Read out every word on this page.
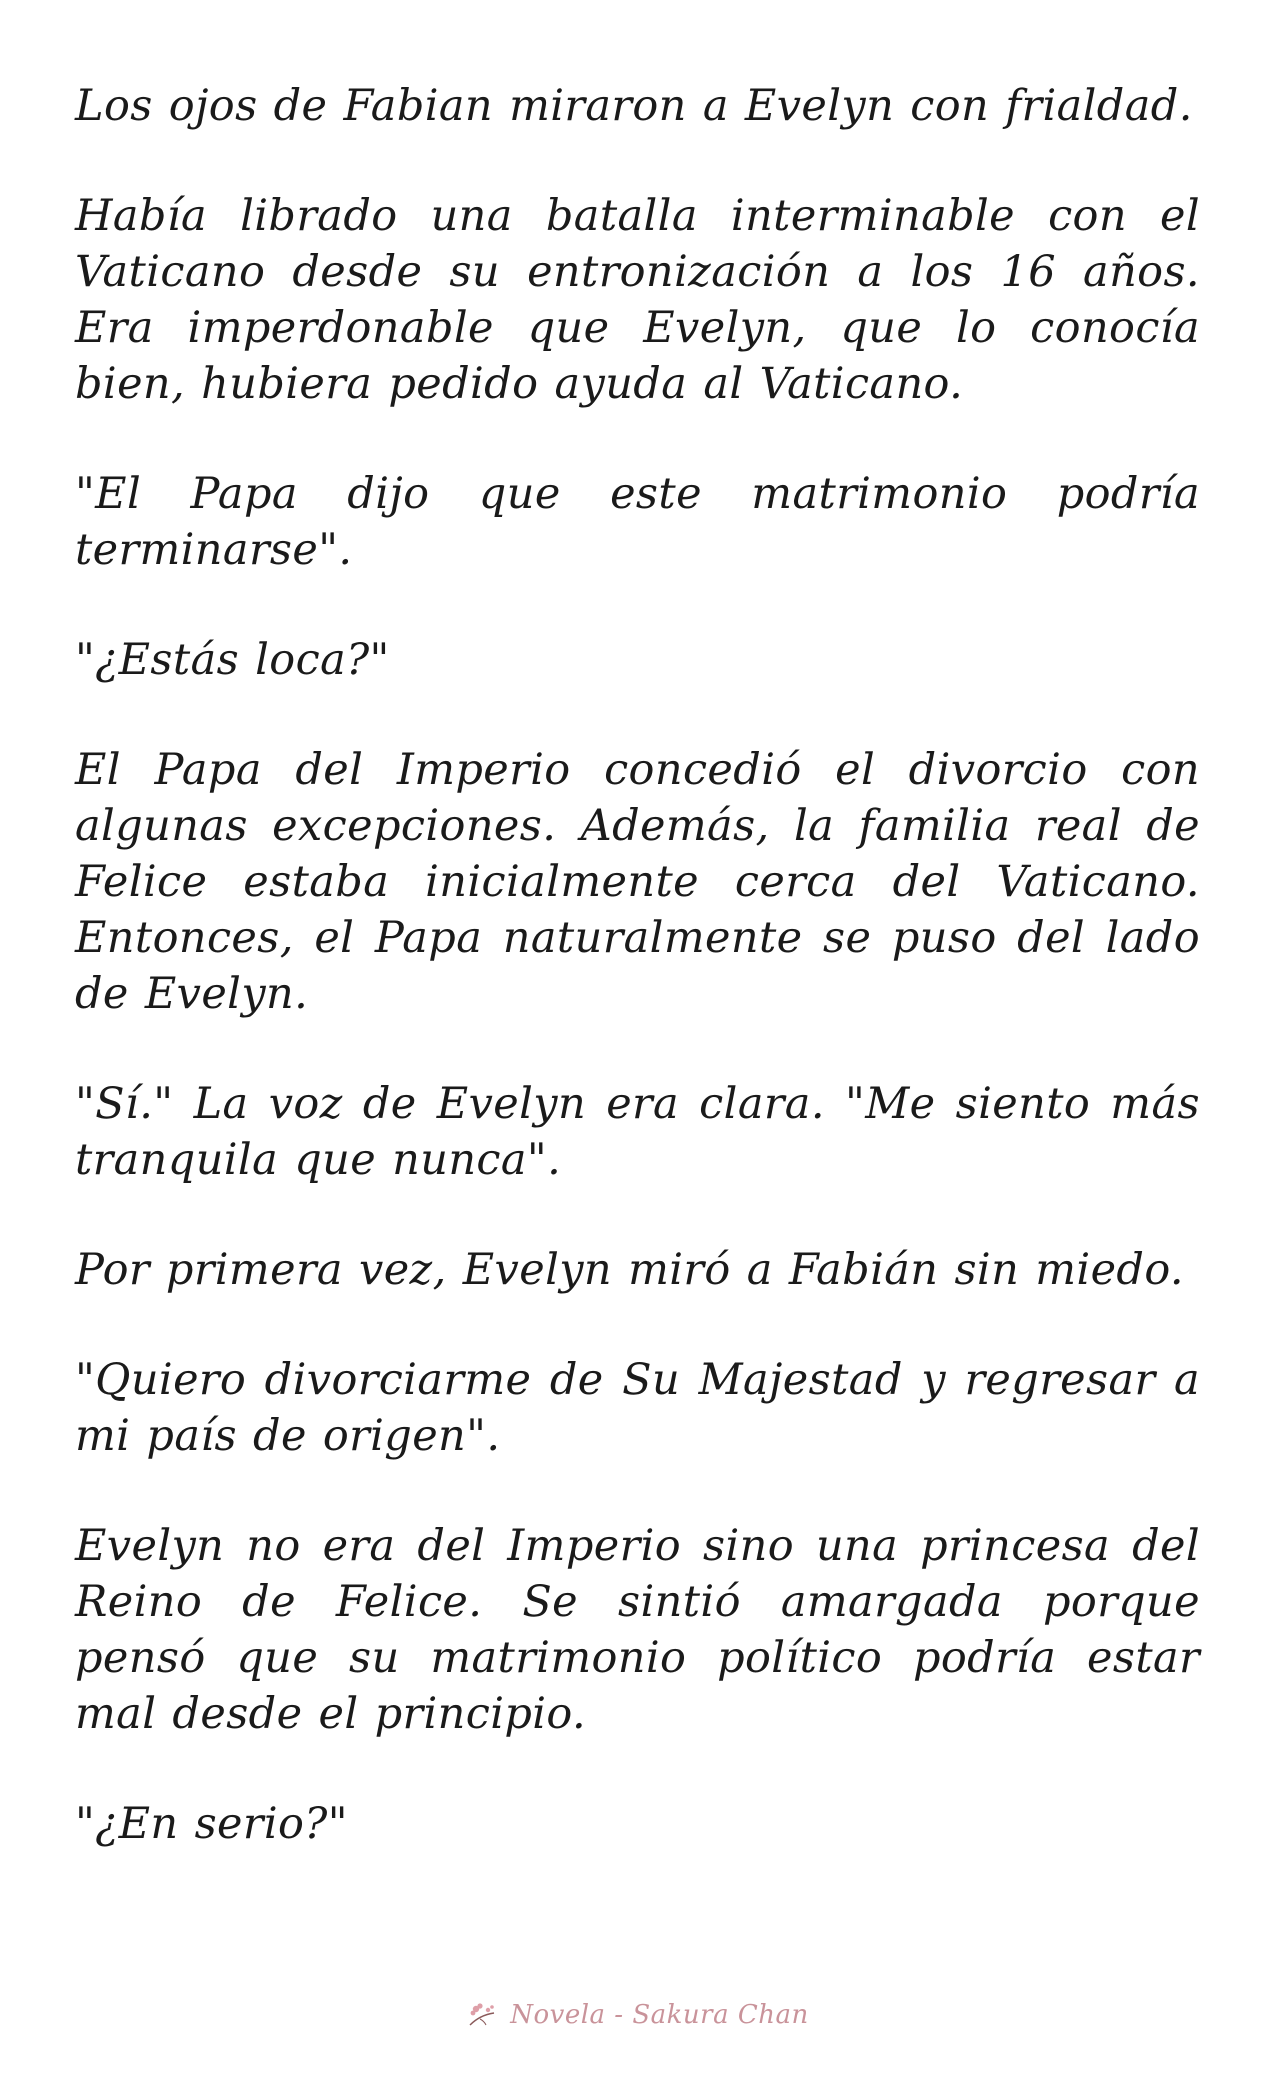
Los ojos de Fabian miraron a Evelyn con frialdad.

Había librado una batalla interminable con el Vaticano desde su entronización a los 16 años. Era imperdonable que Evelyn, que lo conocía bien, hubiera pedido ayuda al Vaticano.

"El Papa dijo que este matrimonio podría terminarse".

"¿Estás loca?"

El Papa del Imperio concedió el divorcio con algunas excepciones. Además, la familia real de Felice estaba inicialmente cerca del Vaticano. Entonces, el Papa naturalmente se puso del lado de Evelyn.

"Sí." La voz de Evelyn era clara. "Me siento más tranquila que nunca".

Por primera vez, Evelyn miró a Fabián sin miedo.

"Quiero divorciarme de Su Majestad y regresar a mi país de origen".

Evelyn no era del Imperio sino una princesa del Reino de Felice. Se sintió amargada porque pensó que su matrimonio político podría estar mal desde el principio.

"¿En serio?"

Novela - Sakura Chan
